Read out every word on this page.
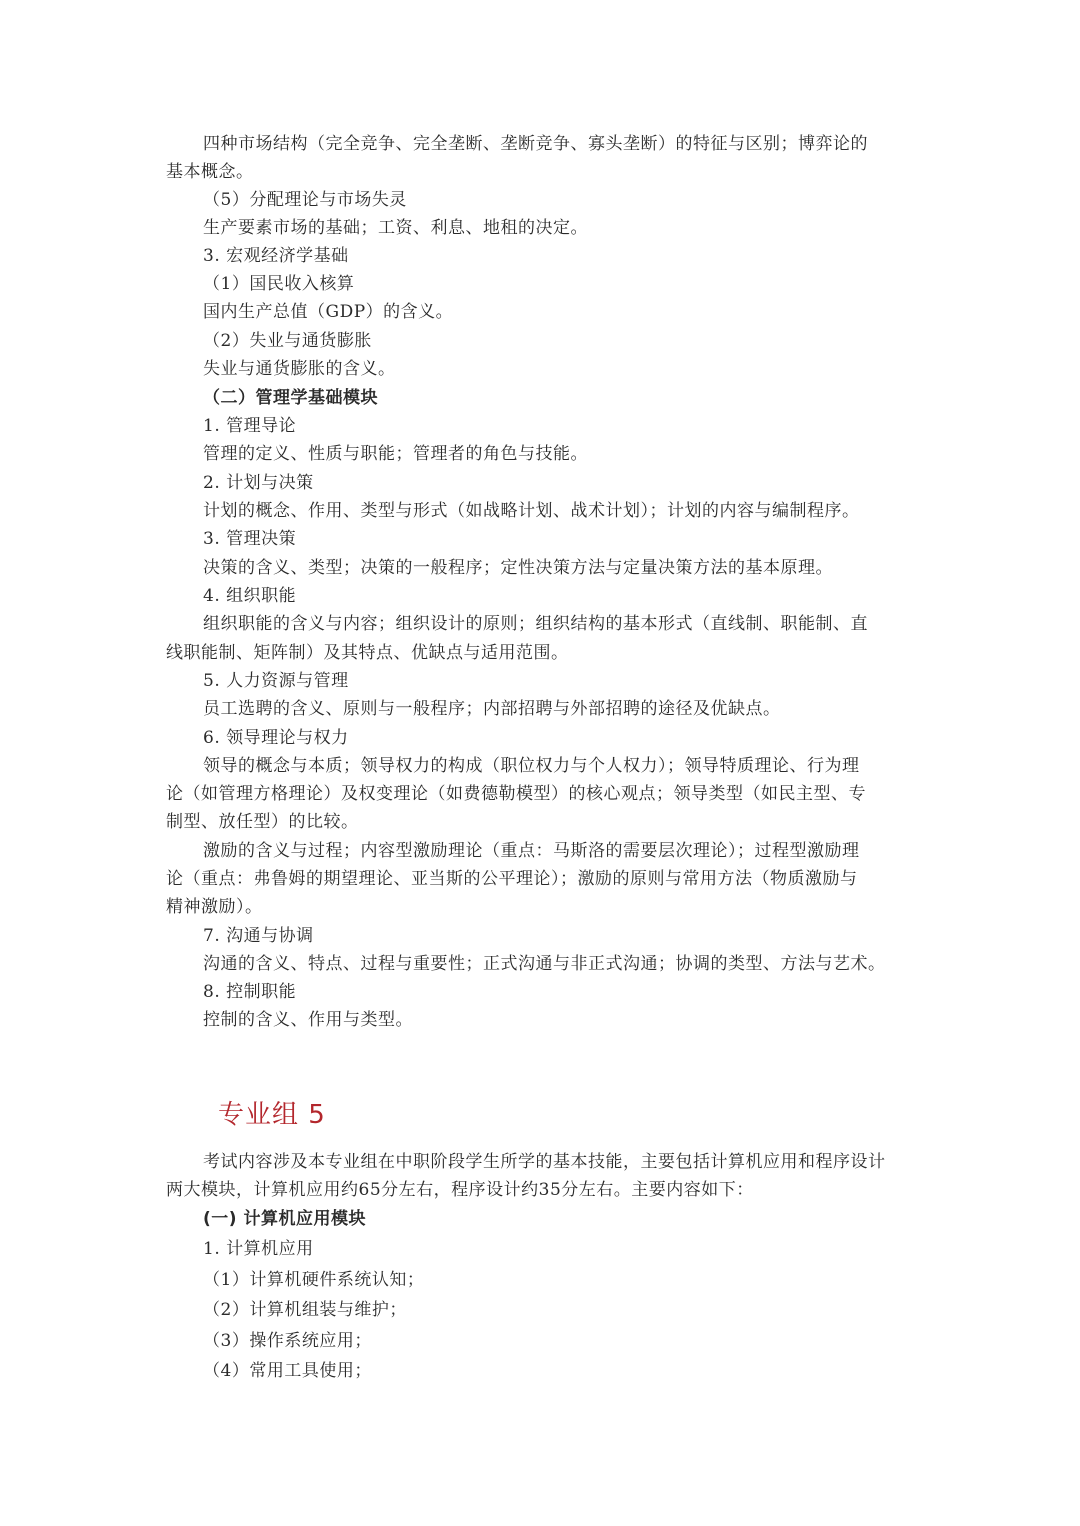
四种市场结构（完全竞争、完全垄断、垄断竞争、寡头垄断）的特征与区别；博弈论的
基本概念。
（5）分配理论与市场失灵
生产要素市场的基础；工资、利息、地租的决定。
3. 宏观经济学基础
（1）国民收入核算
国内生产总值（GDP）的含义。
（2）失业与通货膨胀
失业与通货膨胀的含义。
（二）管理学基础模块
1. 管理导论
管理的定义、性质与职能；管理者的角色与技能。
2. 计划与决策
计划的概念、作用、类型与形式（如战略计划、战术计划）；计划的内容与编制程序。
3. 管理决策
决策的含义、类型；决策的一般程序；定性决策方法与定量决策方法的基本原理。
4. 组织职能
组织职能的含义与内容；组织设计的原则；组织结构的基本形式（直线制、职能制、直
线职能制、矩阵制）及其特点、优缺点与适用范围。
5. 人力资源与管理
员工选聘的含义、原则与一般程序；内部招聘与外部招聘的途径及优缺点。
6. 领导理论与权力
领导的概念与本质；领导权力的构成（职位权力与个人权力）；领导特质理论、行为理
论（如管理方格理论）及权变理论（如费德勒模型）的核心观点；领导类型（如民主型、专
制型、放任型）的比较。
激励的含义与过程；内容型激励理论（重点：马斯洛的需要层次理论）；过程型激励理
论（重点：弗鲁姆的期望理论、亚当斯的公平理论）；激励的原则与常用方法（物质激励与
精神激励）。
7. 沟通与协调
沟通的含义、特点、过程与重要性；正式沟通与非正式沟通；协调的类型、方法与艺术。
8. 控制职能
控制的含义、作用与类型。
专业组 5
考试内容涉及本专业组在中职阶段学生所学的基本技能，主要包括计算机应用和程序设计
两大模块，计算机应用约65分左右，程序设计约35分左右。主要内容如下：
(一) 计算机应用模块
1. 计算机应用
（1）计算机硬件系统认知；
（2）计算机组装与维护；
（3）操作系统应用；
（4）常用工具使用；
